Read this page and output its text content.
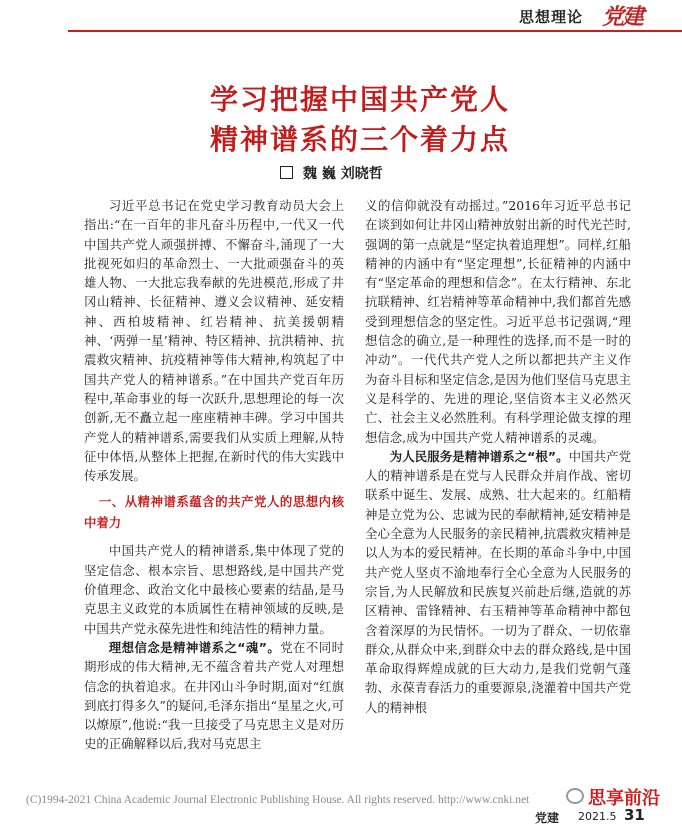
思想理论 党建
学习把握中国共产党人
精神谱系的三个着力点
魏 巍 刘晓哲

习近平总书记在党史学习教育动员大会上指出:“在一百年的非凡奋斗历程中,一代又一代中国共产党人顽强拼搏、不懈奋斗,涌现了一大批视死如归的革命烈士、一大批顽强奋斗的英雄人物、一大批忘我奉献的先进模范,形成了井冈山精神、长征精神、遵义会议精神、延安精神、西柏坡精神、红岩精神、抗美援朝精神、‘两弹一星’精神、特区精神、抗洪精神、抗震救灾精神、抗疫精神等伟大精神,构筑起了中国共产党人的精神谱系。”在中国共产党百年历程中,革命事业的每一次跃升,思想理论的每一次创新,无不矗立起一座座精神丰碑。学习中国共产党人的精神谱系,需要我们从实质上理解,从特征中体悟,从整体上把握,在新时代的伟大实践中传承发展。

一、从精神谱系蕴含的共产党人的思想内核中着力

中国共产党人的精神谱系,集中体现了党的坚定信念、根本宗旨、思想路线,是中国共产党价值理念、政治文化中最核心要素的结晶,是马克思主义政党的本质属性在精神领域的反映,是中国共产党永葆先进性和纯洁性的精神力量。

理想信念是精神谱系之“魂”。党在不同时期形成的伟大精神,无不蕴含着共产党人对理想信念的执着追求。在井冈山斗争时期,面对“红旗到底打得多久”的疑问,毛泽东指出“星星之火,可以燎原”,他说:“我一旦接受了马克思主义是对历史的正确解释以后,我对马克思主

义的信仰就没有动摇过。”2016年习近平总书记在谈到如何让井冈山精神放射出新的时代光芒时,强调的第一点就是“坚定执着追理想”。同样,红船精神的内涵中有“坚定理想”,长征精神的内涵中有“坚定革命的理想和信念”。在太行精神、东北抗联精神、红岩精神等革命精神中,我们都首先感受到理想信念的坚定性。习近平总书记强调,“理想信念的确立,是一种理性的选择,而不是一时的冲动”。一代代共产党人之所以都把共产主义作为奋斗目标和坚定信念,是因为他们坚信马克思主义是科学的、先进的理论,坚信资本主义必然灭亡、社会主义必然胜利。有科学理论做支撑的理想信念,成为中国共产党人精神谱系的灵魂。

为人民服务是精神谱系之“根”。中国共产党人的精神谱系是在党与人民群众并肩作战、密切联系中诞生、发展、成熟、壮大起来的。红船精神是立党为公、忠诚为民的奉献精神,延安精神是全心全意为人民服务的亲民精神,抗震救灾精神是以人为本的爱民精神。在长期的革命斗争中,中国共产党人坚贞不渝地奉行全心全意为人民服务的宗旨,为人民解放和民族复兴前赴后继,造就的苏区精神、雷锋精神、右玉精神等革命精神中都包含着深厚的为民情怀。一切为了群众、一切依靠群众,从群众中来,到群众中去的群众路线,是中国革命取得辉煌成就的巨大动力,是我们党朝气蓬勃、永葆青春活力的重要源泉,浇灌着中国共产党人的精神根

(C)1994-2021 China Academic Journal Electronic Publishing House. All rights reserved. http://www.cnki.net
党建 2021.5 31
思享前沿
